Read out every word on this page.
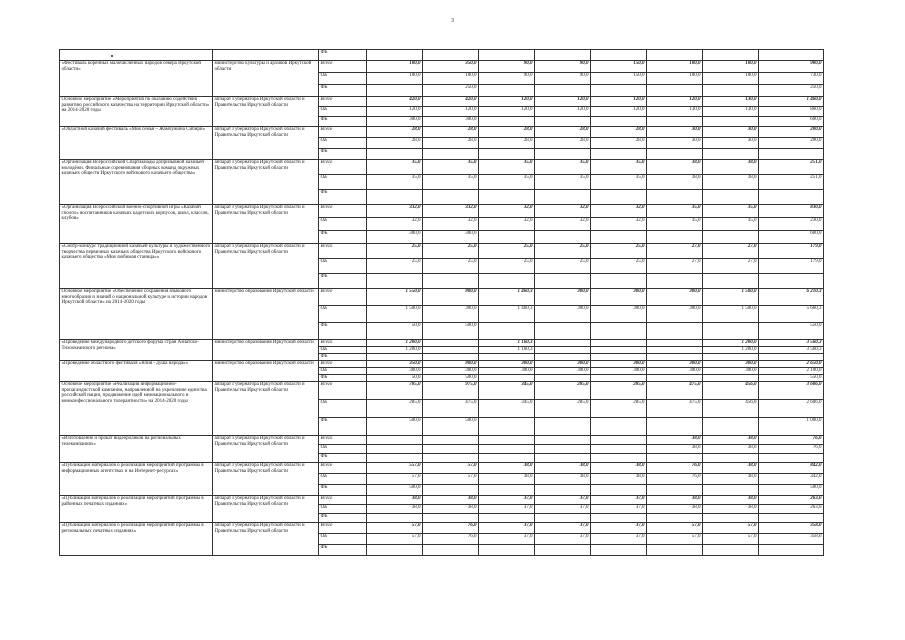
3
		ФБ									
«Фестиваль коренных малочисленных народов севера Иркутской области»	министерство культуры и архивов Иркутской области	Всего	100,0	350,0	90,0	90,0	150,0	100,0	100,0	980,0	
		ОБ	100,0	100,0	90,0	90,0	150,0	100,0	100,0	730,0	
		ФБ		250,0						250,0	
Основное мероприятие «Мероприятия по оказанию содействия развитию российского казачества на территории Иркутской области» на 2014-2020 годы	аппарат Губернатора Иркутской области и Правительства Иркутской области	Всего	420,0	420,0	120,0	120,0	120,0	120,0	130,0	1 460,0	
		ОБ	120,0	120,0	120,0	120,0	120,0	130,0	130,0	860,0	
		ФБ	300,0	300,0						600,0	
«Областной казачий фестиваль «Моя семья – Жамчужина Сибири»	аппарат Губернатора Иркутской области и Правительства Иркутской области	Всего	28,0	28,0	28,0	28,0	28,0	30,0	30,0	200,0	
		ОБ	28,0	28,0	28,0	28,0	28,0	30,0	30,0	200,0	
		ФБ									
«Организация Всероссийской Спартакиады допризывной казачьей молодёжи. Финальные соревнования сборных команд окружных казачьих обществ Иркутского войскового казачьего общества»	аппарат Губернатора Иркутской области и Правительства Иркутской области	Всего	35,0	35,0	35,0	35,0	35,0	38,0	38,0	251,0	
		ОБ	35,0	35,0	35,0	35,0	35,0	38,0	38,0	251,0	
		ФБ									
«Организация Всероссийской военно-спортивной игры «Казачий сполох» воспитанников казачьих кадетских корпусов, школ, классов, клубов»	аппарат Губернатора Иркутской области и Правительства Иркутской области	Всего	332,0	332,0	32,0	32,0	32,0	35,0	35,0	830,0	
		ОБ	32,0	32,0	32,0	32,0	32,0	35,0	35,0	230,0	
		ФБ	300,0	300,0						600,0	
«Смотр-конкурс традиционной казачьей культуры и художественного творчества первичных казачьих общества Иркутского войскового казачьего общества «Моя любимая станица»»	аппарат Губернатора Иркутской области и Правительства Иркутской области	Всего	25,0	25,0	25,0	25,0	25,0	27,0	27,0	179,0	
		ОБ	25,0	25,0	25,0	25,0	25,0	27,0	27,0	179,0	
		ФБ									
Основное мероприятие «Обеспечение сохранения языкового многообразия и знаний о национальной культуре и истории народов Иркутской области» на 2014-2020 годы	министерство образования Иркутской области	Всего	1 550,0	800,0	1 460,3	300,0	300,0	300,0	1 500,0	6 210,3	
		ОБ	1 500,0	300,0	1 460,3	300,0	300,0	300,0	1 500,0	5 660,3	
		ФБ	50,0	500,0						550,0	
«Проведение международного детского форума стран Азиатско-Тихоокеанского региона»	министерство образования Иркутской области	Всего	1 200,0		1 160,3				1 200,0	3 560,3	
		ОБ	1 200,0		1 160,3				1 200,0	3 560,3	
		ФБ									
«Проведение областного фестиваля «Ялия - душа народа»»	министерство образования Иркутской области	Всего	350,0	800,0	300,0	300,0	300,0	300,0	300,0	2 650,0	
		ОБ	300,0	300,0	300,0	300,0	300,0	300,0	300,0	2 100,0	
		ФБ	50,0	500,0						550,0	
Основное мероприятие «Реализация информационно-пропагандистской кампании, направленной на укрепление единства российской нации, продвижение идей межнационального и межконфессионального толерантности» на 2014-2020 годы	аппарат Губернатора Иркутской области и Правительства Иркутской области	Всего	785,0	975,0	345,0	285,0	285,0	475,0	456,0	3 606,0	
		ОБ	285,0	475,0	345,0	285,0	285,0	475,0	456,0	2 606,0	
		ФБ	500,0	500,0						1 000,0	
«Изготовление и прокат видеороликов на региональных телекомпаниях»	аппарат Губернатора Иркутской области и Правительства Иркутской области	Всего						38,0	38,0	76,0	
		ОБ						38,0	38,0	76,0	
		ФБ									
«Публикации материалов о реализации мероприятий программы в информационных агентствах и на Интернет-ресурсах»	аппарат Губернатора Иркутской области и Правительства Иркутской области	Всего	557,0	57,0	38,0	38,0	38,0	76,0	38,0	842,0	
		ОБ	57,0	57,0	38,0	38,0	38,0	76,0	38,0	342,0	
		ФБ	500,0							500,0	
«Публикации материалов о реализации мероприятий программы в районных печатных изданиях»	аппарат Губернатора Иркутской области и Правительства Иркутской области	Всего	38,0	38,0	37,0	37,0	37,0	38,0	38,0	263,0	
		ОБ	38,0	38,0	37,0	37,0	37,0	38,0	38,0	263,0	
		ФБ									
«Публикации материалов о реализации мероприятий программы в региональных печатных изданиях»	аппарат Губернатора Иркутской области и Правительства Иркутской области	Всего	57,0	76,0	37,0	37,0	37,0	57,0	57,0	358,0	
		ОБ	57,0	76,0	37,0	37,0	37,0	57,0	57,0	358,0	
		ФБ									
